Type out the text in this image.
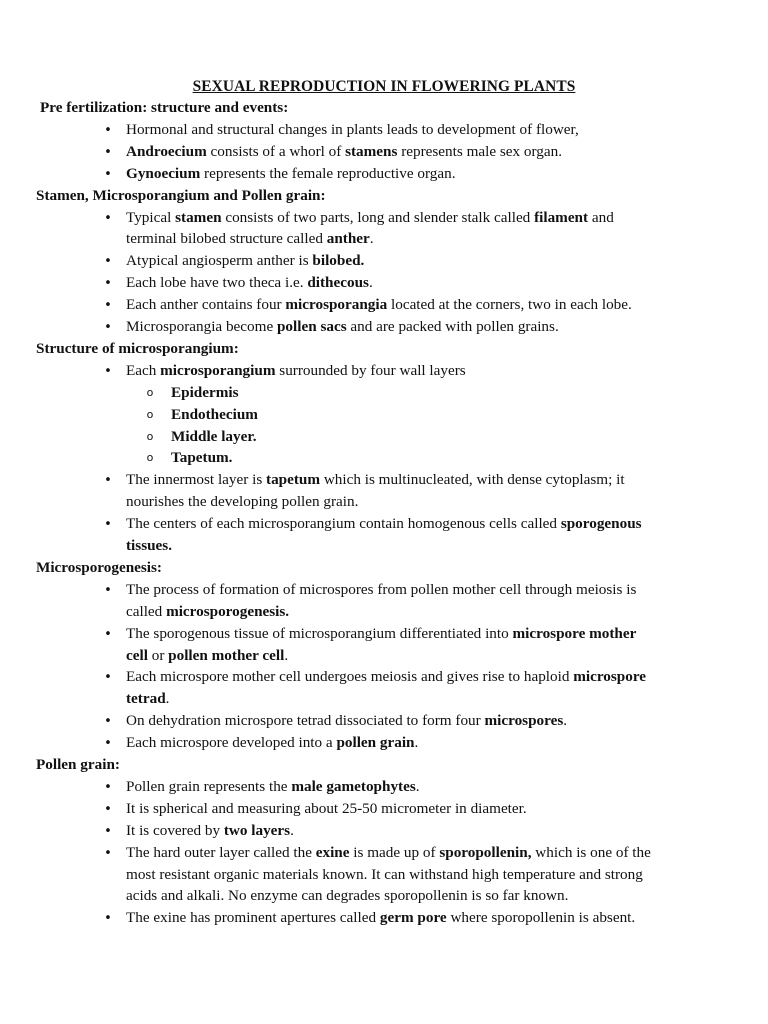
SEXUAL REPRODUCTION IN FLOWERING PLANTS
Pre fertilization: structure and events:
•
Hormonal and structural changes in plants leads to development of flower,
•
Androecium consists of a whorl of stamens represents male sex organ.
•
Gynoecium represents the female reproductive organ.
Stamen, Microsporangium and Pollen grain:
•
Typical stamen consists of two parts, long and slender stalk called filament and
terminal bilobed structure called anther.
•
Atypical angiosperm anther is bilobed.
•
Each lobe have two theca i.e. dithecous.
•
Each anther contains four microsporangia located at the corners, two in each lobe.
•
Microsporangia become pollen sacs and are packed with pollen grains.
Structure of microsporangium:
•
Each microsporangium surrounded by four wall layers
o Epidermis
o Endothecium
o Middle layer.
o Tapetum.
•
The innermost layer is tapetum which is multinucleated, with dense cytoplasm; it
nourishes the developing pollen grain.
•
The centers of each microsporangium contain homogenous cells called sporogenous
tissues.
Microsporogenesis:
•
The process of formation of microspores from pollen mother cell through meiosis is
called microsporogenesis.
•
The sporogenous tissue of microsporangium differentiated into microspore mother
cell or pollen mother cell.
•
Each microspore mother cell undergoes meiosis and gives rise to haploid microspore
tetrad.
•
On dehydration microspore tetrad dissociated to form four microspores.
•
Each microspore developed into a pollen grain.
Pollen grain:
•
Pollen grain represents the male gametophytes.
•
It is spherical and measuring about 25-50 micrometer in diameter.
•
It is covered by two layers.
•
The hard outer layer called the exine is made up of sporopollenin, which is one of the
most resistant organic materials known. It can withstand high temperature and strong
acids and alkali. No enzyme can degrades sporopollenin is so far known.
•
The exine has prominent apertures called germ pore where sporopollenin is absent.
